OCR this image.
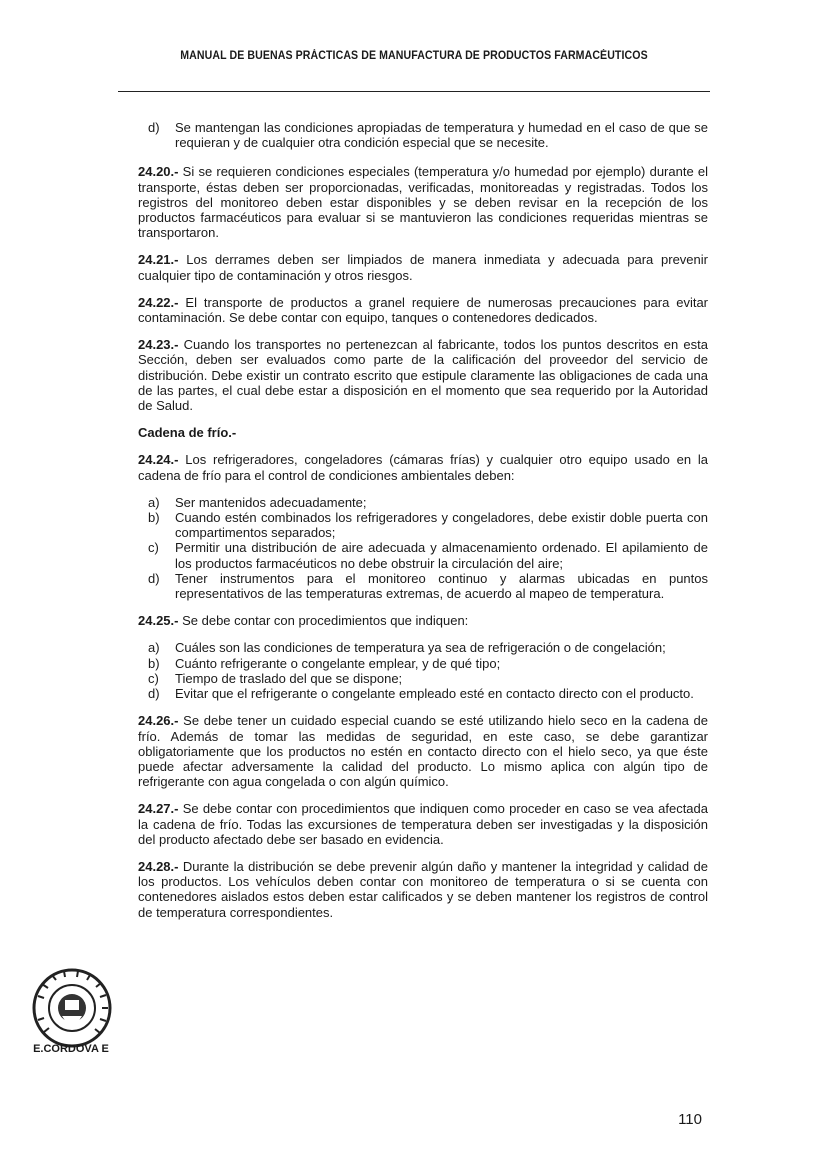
MANUAL DE BUENAS PRÁCTICAS DE MANUFACTURA DE PRODUCTOS FARMACÉUTICOS
d) Se mantengan las condiciones apropiadas de temperatura y humedad en el caso de que se requieran y de cualquier otra condición especial que se necesite.

24.20.- Si se requieren condiciones especiales (temperatura y/o humedad por ejemplo) durante el transporte, éstas deben ser proporcionadas, verificadas, monitoreadas y registradas. Todos los registros del monitoreo deben estar disponibles y se deben revisar en la recepción de los productos farmacéuticos para evaluar si se mantuvieron las condiciones requeridas mientras se transportaron.

24.21.- Los derrames deben ser limpiados de manera inmediata y adecuada para prevenir cualquier tipo de contaminación y otros riesgos.

24.22.- El transporte de productos a granel requiere de numerosas precauciones para evitar contaminación. Se debe contar con equipo, tanques o contenedores dedicados.

24.23.- Cuando los transportes no pertenezcan al fabricante, todos los puntos descritos en esta Sección, deben ser evaluados como parte de la calificación del proveedor del servicio de distribución. Debe existir un contrato escrito que estipule claramente las obligaciones de cada una de las partes, el cual debe estar a disposición en el momento que sea requerido por la Autoridad de Salud.

Cadena de frío.-

24.24.- Los refrigeradores, congeladores (cámaras frías) y cualquier otro equipo usado en la cadena de frío para el control de condiciones ambientales deben:

a) Ser mantenidos adecuadamente;
b) Cuando estén combinados los refrigeradores y congeladores, debe existir doble puerta con compartimentos separados;
c) Permitir una distribución de aire adecuada y almacenamiento ordenado. El apilamiento de los productos farmacéuticos no debe obstruir la circulación del aire;
d) Tener instrumentos para el monitoreo continuo y alarmas ubicadas en puntos representativos de las temperaturas extremas, de acuerdo al mapeo de temperatura.

24.25.- Se debe contar con procedimientos que indiquen:

a) Cuáles son las condiciones de temperatura ya sea de refrigeración o de congelación;
b) Cuánto refrigerante o congelante emplear, y de qué tipo;
c) Tiempo de traslado del que se dispone;
d) Evitar que el refrigerante o congelante empleado esté en contacto directo con el producto.

24.26.- Se debe tener un cuidado especial cuando se esté utilizando hielo seco en la cadena de frío. Además de tomar las medidas de seguridad, en este caso, se debe garantizar obligatoriamente que los productos no estén en contacto directo con el hielo seco, ya que éste puede afectar adversamente la calidad del producto. Lo mismo aplica con algún tipo de refrigerante con agua congelada o con algún químico.

24.27.- Se debe contar con procedimientos que indiquen como proceder en caso se vea afectada la cadena de frío. Todas las excursiones de temperatura deben ser investigadas y la disposición del producto afectado debe ser basado en evidencia.

24.28.- Durante la distribución se debe prevenir algún daño y mantener la integridad y calidad de los productos. Los vehículos deben contar con monitoreo de temperatura o si se cuenta con contenedores aislados estos deben estar calificados y se deben mantener los registros de control de temperatura correspondientes.

E.CÓRDOVA E
110
